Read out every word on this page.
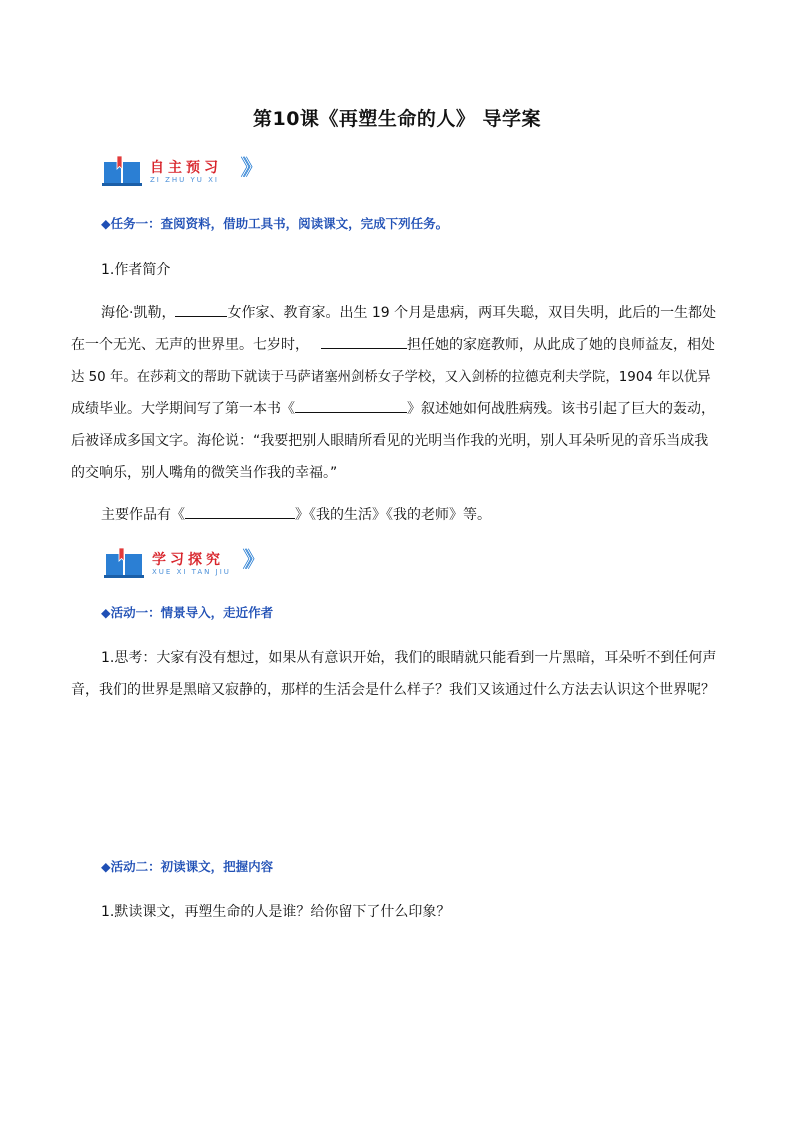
第10课《再塑生命的人》 导学案
自主预习
ZI ZHU YU XI 》》
◆任务一：查阅资料，借助工具书，阅读课文，完成下列任务。
1.作者简介
海伦·凯勒，	女作家、教育家。出生 19 个月是患病，两耳失聪，双目失明，此后的一生都处
在一个无光、无声的世界里。七岁时，	担任她的家庭教师，从此成了她的良师益友，相处
达 50 年。在莎莉文的帮助下就读于马萨诸塞州剑桥女子学校，又入剑桥的拉德克利夫学院，1904 年以优异
成绩毕业。大学期间写了第一本书《	》叙述她如何战胜病残。该书引起了巨大的轰动，
后被译成多国文字。海伦说：“我要把别人眼睛所看见的光明当作我的光明，别人耳朵听见的音乐当成我
的交响乐，别人嘴角的微笑当作我的幸福。”
主要作品有《	》《我的生活》《我的老师》等。
学习探究
XUE XI TAN JIU 》》
◆活动一：情景导入，走近作者
1.思考：大家有没有想过，如果从有意识开始，我们的眼睛就只能看到一片黑暗，耳朵听不到任何声
音，我们的世界是黑暗又寂静的，那样的生活会是什么样子？我们又该通过什么方法去认识这个世界呢？
◆活动二：初读课文，把握内容
1.默读课文，再塑生命的人是谁？给你留下了什么印象？
